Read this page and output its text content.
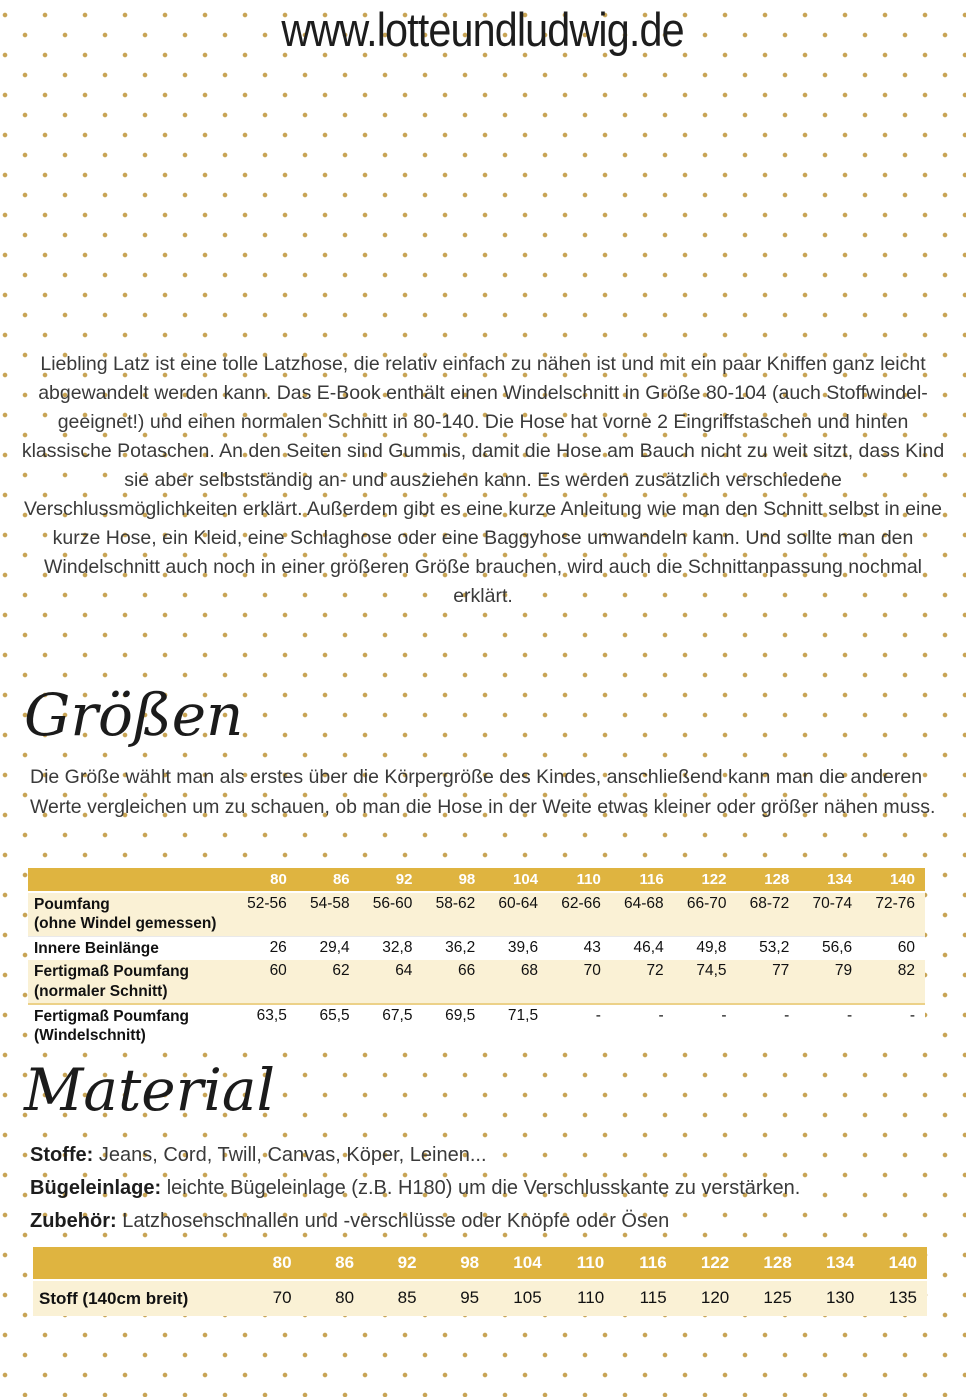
www.lotteundludwig.de

Liebling Latz ist eine tolle Latzhose, die relativ einfach zu nähen ist und mit ein paar Kniffen ganz leicht abgewandelt werden kann. Das E-Book enthält einen Windelschnitt in Größe 80-104 (auch Stoffwindel-geeignet!) und einen normalen Schnitt in 80-140. Die Hose hat vorne 2 Eingriffstaschen und hinten klassische Potaschen. An den Seiten sind Gummis, damit die Hose am Bauch nicht zu weit sitzt, dass Kind sie aber selbstständig an- und ausziehen kann. Es werden zusätzlich verschiedene Verschlussmöglichkeiten erklärt. Außerdem gibt es eine kurze Anleitung wie man den Schnitt selbst in eine kurze Hose, ein Kleid, eine Schlaghose oder eine Baggyhose umwandeln kann. Und sollte man den Windelschnitt auch noch in einer größeren Größe brauchen, wird auch die Schnittanpassung nochmal erklärt.

Größen

Die Größe wählt man als erstes über die Körpergröße des Kindes, anschließend kann man die anderen Werte vergleichen um zu schauen, ob man die Hose in der Weite etwas kleiner oder größer nähen muss.

	80	86	92	98	104	110	116	122	128	134	140

Poumfang
(ohne Windel gemessen)	52-56	54-58	56-60	58-62	60-64	62-66	64-68	66-70	68-72	70-74	72-76

Innere Beinlänge	26	29,4	32,8	36,2	39,6	43	46,4	49,8	53,2	56,6	60

Fertigmaß Poumfang
(normaler Schnitt)	60	62	64	66	68	70	72	74,5	77	79	82

Fertigmaß Poumfang
(Windelschnitt)	63,5	65,5	67,5	69,5	71,5	-	-	-	-	-	-
Material

Stoffe: Jeans, Cord, Twill, Canvas, Köper, Leinen...

Bügeleinlage: leichte Bügeleinlage (z.B. H180) um die Verschlusskante zu verstärken.

Zubehör: Latzhosenschnallen und -verschlüsse oder Knöpfe oder Ösen

	80	86	92	98	104	110	116	122	128	134	140

Stoff (140cm breit)	70	80	85	95	105	110	115	120	125	130	135
